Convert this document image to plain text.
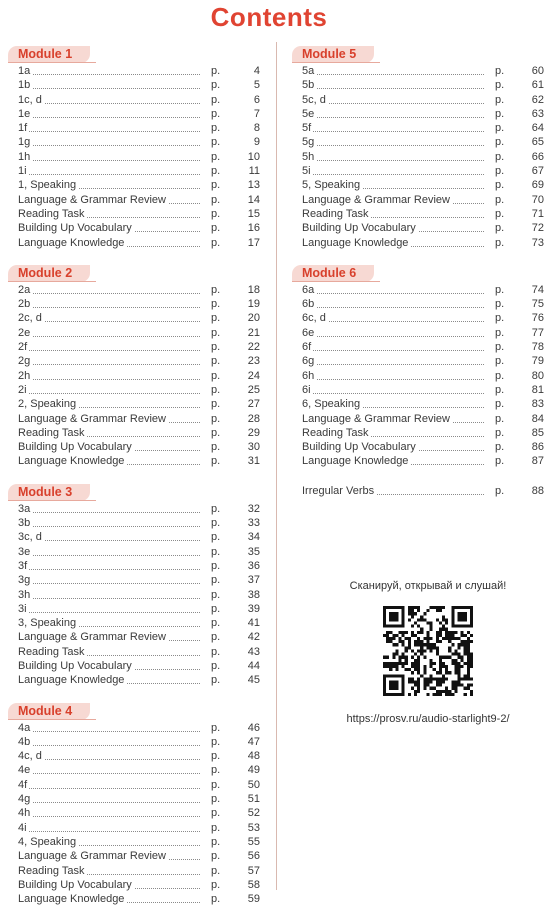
Contents
Module 1
1a	p.	4
1b	p.	5
1c, d	p.	6
1e	p.	7
1f	p.	8
1g	p.	9
1h	p.	10
1i	p.	11
1, Speaking	p.	13
Language & Grammar Review	p.	14
Reading Task	p.	15
Building Up Vocabulary	p.	16
Language Knowledge	p.	17
Module 2
2a	p.	18
2b	p.	19
2c, d	p.	20
2e	p.	21
2f	p.	22
2g	p.	23
2h	p.	24
2i	p.	25
2, Speaking	p.	27
Language & Grammar Review	p.	28
Reading Task	p.	29
Building Up Vocabulary	p.	30
Language Knowledge	p.	31
Module 3
3a	p.	32
3b	p.	33
3c, d	p.	34
3e	p.	35
3f	p.	36
3g	p.	37
3h	p.	38
3i	p.	39
3, Speaking	p.	41
Language & Grammar Review	p.	42
Reading Task	p.	43
Building Up Vocabulary	p.	44
Language Knowledge	p.	45
Module 4
4a	p.	46
4b	p.	47
4c, d	p.	48
4e	p.	49
4f	p.	50
4g	p.	51
4h	p.	52
4i	p.	53
4, Speaking	p.	55
Language & Grammar Review	p.	56
Reading Task	p.	57
Building Up Vocabulary	p.	58
Language Knowledge	p.	59
Module 5
5a	p.	60
5b	p.	61
5c, d	p.	62
5e	p.	63
5f	p.	64
5g	p.	65
5h	p.	66
5i	p.	67
5, Speaking	p.	69
Language & Grammar Review	p.	70
Reading Task	p.	71
Building Up Vocabulary	p.	72
Language Knowledge	p.	73
Module 6
6a	p.	74
6b	p.	75
6c, d	p.	76
6e	p.	77
6f	p.	78
6g	p.	79
6h	p.	80
6i	p.	81
6, Speaking	p.	83
Language & Grammar Review	p.	84
Reading Task	p.	85
Building Up Vocabulary	p.	86
Language Knowledge	p.	87
Irregular Verbs	p.	88
Сканируй, открывай и слушай!
https://prosv.ru/audio-starlight9-2/
